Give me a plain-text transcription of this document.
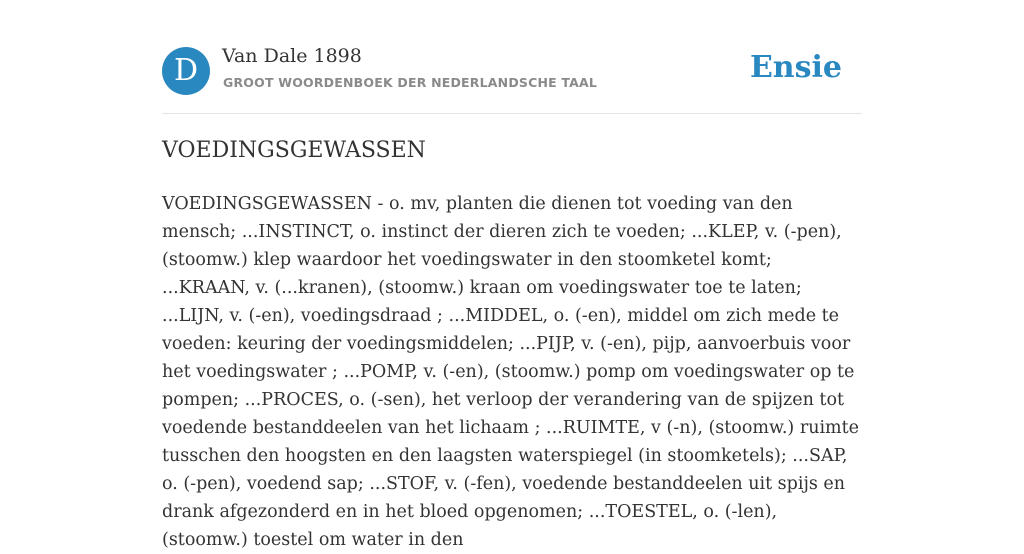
D	Van Dale 1898
GROOT WOORDENBOEK DER NEDERLANDSCHE TAAL	Ensie
VOEDINGSGEWASSEN

VOEDINGSGEWASSEN - o. mv, planten die dienen tot voeding van den mensch; ...INSTINCT, o. instinct der dieren zich te voeden; ...KLEP, v. (-pen), (stoomw.) klep waardoor het voedingswater in den stoomketel komt; ...KRAAN, v. (...kranen), (stoomw.) kraan om voedingswater toe te laten; ...LIJN, v. (-en), voedingsdraad ; ...MIDDEL, o. (-en), middel om zich mede te voeden: keuring der voedingsmiddelen; ...PIJP, v. (-en), pijp, aanvoerbuis voor het voedingswater ; ...POMP, v. (-en), (stoomw.) pomp om voedingswater op te pompen; ...PROCES, o. (-sen), het verloop der verandering van de spijzen tot voedende bestanddeelen van het lichaam ; ...RUIMTE, v (-n), (stoomw.) ruimte tusschen den hoogsten en den laagsten waterspiegel (in stoomketels); ...SAP, o. (-pen), voedend sap; ...STOF, v. (-fen), voedende bestanddeelen uit spijs en drank afgezonderd en in het bloed opgenomen; ...TOESTEL, o. (-len), (stoomw.) toestel om water in den
